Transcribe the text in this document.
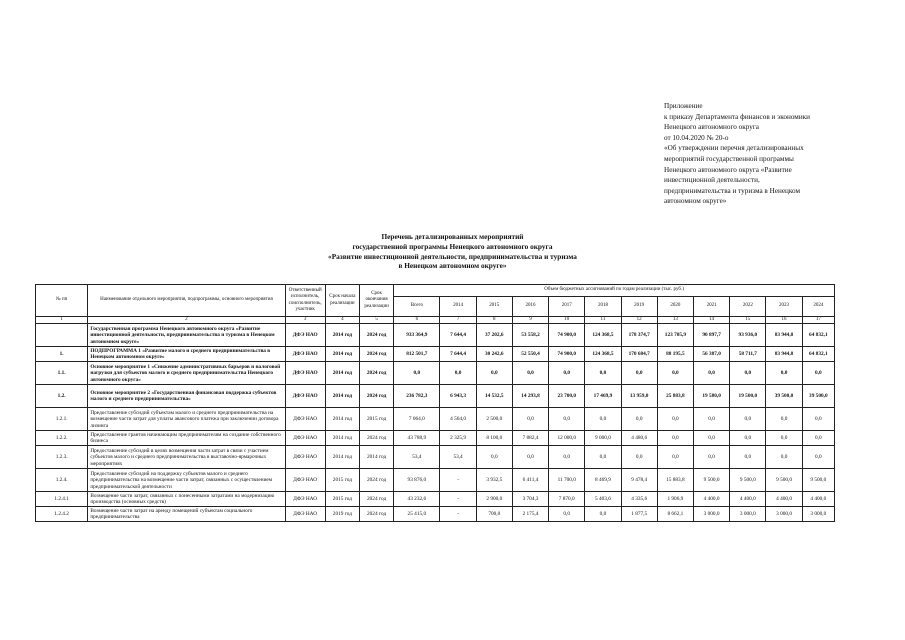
Приложение
к приказу Департамента финансов и экономики
Ненецкого автономного округа
от 10.04.2020 № 20-о
«Об утверждении перечня детализированных
мероприятий государственной программы
Ненецкого автономного округа «Развитие
инвестиционной деятельности,
предпринимательства и туризма в Ненецком
автономном округе»
Перечень детализированных мероприятий
государственной программы Ненецкого автономного округа
«Развитие инвестиционной деятельности, предпринимательства и туризма
в Ненецком автономном округе»
№ пп	Наименование отдельного мероприятия, подпрограммы, основного мероприятия	Ответственный исполнитель, соисполнитель, участник	Срок начала реализации	Срок окончания реализации	Объем бюджетных ассигнований по годам реализации (тыс. руб.)											
					Всего	2014	2015	2016	2017	2018	2019	2020	2021	2022	2023	2024
1	2	3	4	5	6	7	8	9	10	11	12	13	14	15	16	17
	Государственная программа Ненецкого автономного округа «Развитие инвестиционной деятельности, предпринимательства и туризма в Ненецком автономном округе»	ДФЭ НАО	2014 год	2024 год	933 364,9	7 644,4	37 202,6	53 558,2	74 900,0	124 368,5	178 374,7	123 705,9	90 897,7	93 936,0	83 944,8	64 832,1
1.	ПОДПРОГРАММА 1 «Развитие малого и среднего предпринимательства в Ненецком автономном округе»	ДФЭ НАО	2014 год	2024 год	812 501,7	7 644,4	30 242,6	52 550,4	74 900,0	124 368,5	170 684,7	88 195,5	56 387,0	58 711,7	83 944,8	64 832,1
1.1.	Основное мероприятие 1 «Снижение административных барьеров и налоговой нагрузки для субъектов малого и среднего предпринимательства Ненецкого автономного округа»	ДФЭ НАО	2014 год	2024 год	0,0	0,0	0,0	0,0	0,0	0,0	0,0	0,0	0,0	0,0	0,0	0,0
1.2.	Основное мероприятие 2 «Государственная финансовая поддержка субъектов малого и среднего предпринимательства»	ДФЭ НАО	2014 год	2024 год	236 782,3	6 943,3	14 532,5	14 293,8	23 700,0	17 469,9	13 959,0	25 883,8	19 580,0	19 500,0	39 500,0	39 500,0
1.2.1.	Предоставление субсидий субъектам малого и среднего предпринимательства на возмещение части затрат для уплаты авансового платежа при заключении договора лизинга	ДФЭ НАО	2014 год	2015 год	7 064,0	4 564,0	2 500,0	0,0	0,0	0,0	0,0	0,0	0,0	0,0	0,0	0,0
1.2.2.	Предоставление грантов начинающим предпринимателям на создание собственного бизнеса	ДФЭ НАО	2014 год	2024 год	43 788,9	2 325,9	8 100,0	7 882,4	12 000,0	9 000,0	4 480,6	0,0	0,0	0,0	0,0	0,0
1.2.3.	Предоставление субсидий в целях возмещения части затрат в связи с участием субъектов малого и среднего предпринимательства в выставочно-ярмарочных мероприятиях	ДФЭ НАО	2014 год	2014 год	53,4	53,4	0,0	0,0	0,0	0,0	0,0	0,0	0,0	0,0	0,0	0,0
1.2.4.	Предоставление субсидий на поддержку субъектов малого и среднего предпринимательства на возмещение части затрат, связанных с осуществлением предпринимательской деятельности	ДФЭ НАО	2015 год	2024 год	93 876,0	-	3 932,5	6 411,4	11 700,0	8 469,9	9 478,4	15 883,8	9 500,0	9 500,0	9 500,0	9 500,0
1.2.4.1	Возмещение части затрат, связанных с понесенными затратами на модернизацию производства (основных средств)	ДФЭ НАО	2015 год	2024 год	43 232,6	-	2 900,0	3 704,3	7 870,0	5 403,6	4 335,6	1 906,9	4 400,0	4 400,0	4 400,0	4 400,0
1.2.4.2	Возмещение части затрат на аренду помещений субъектам социального предпринимательства	ДФЭ НАО	2019 год	2024 год	25 415,0	-	700,0	2 175,4	0,0	0,0	1 877,5	8 662,1	3 000,0	3 000,0	3 000,0	3 000,0
